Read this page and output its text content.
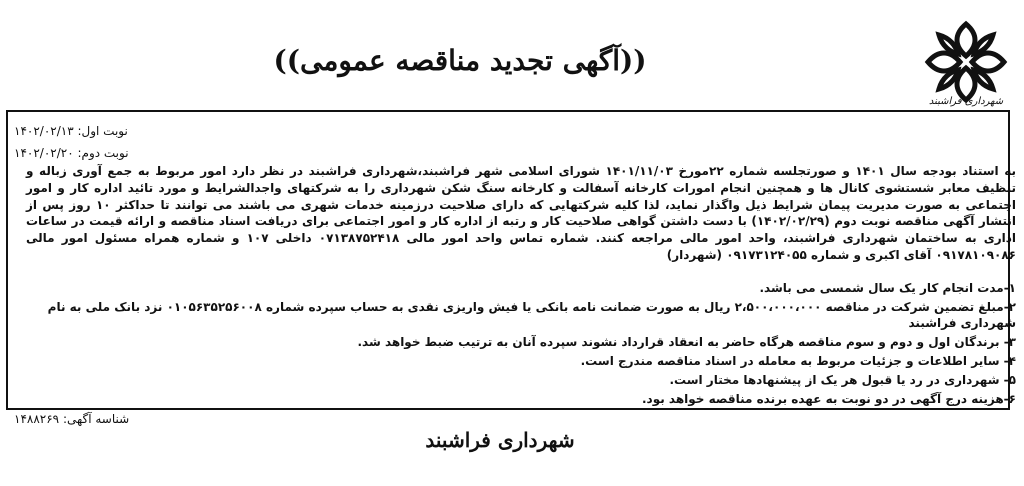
شهرداری فراشبند
((آگهی تجدید مناقصه عمومی))
نوبت اول: ۱۴۰۲/۰۲/۱۳
نوبت دوم: ۱۴۰۲/۰۲/۲۰

به استناد بودجه سال ۱۴۰۱ و صورتجلسه شماره ۲۲مورخ ۱۴۰۱/۱۱/۰۳ شورای اسلامی شهر فراشبند،شهرداری فراشبند در نظر دارد امور مربوط به جمع آوری زباله و تنظیف معابر شستشوی کانال ها و همچنین انجام امورات کارخانه آسفالت و کارخانه سنگ شکن شهرداری را به شرکتهای واجدالشرایط و مورد تائید اداره کار و امور اجتماعی به صورت مدیریت پیمان شرایط ذیل واگذار نماید، لذا کلیه شرکتهایی که دارای صلاحیت درزمینه خدمات شهری می باشند می توانند تا حداکثر ۱۰ روز پس از انتشار آگهی مناقصه نوبت دوم (۱۴۰۲/۰۲/۲۹) با دست داشتن گواهی صلاحیت کار و رتبه از اداره کار و امور اجتماعی برای دریافت اسناد مناقصه و ارائه قیمت در ساعات اداری به ساختمان شهرداری فراشبند، واحد امور مالی مراجعه کنند. شماره تماس واحد امور مالی ۰۷۱۳۸۷۵۲۴۱۸ داخلی ۱۰۷ و شماره همراه مسئول امور مالی ۰۹۱۷۸۱۰۹۰۸۶ آقای اکبری و شماره ۰۹۱۷۳۱۲۴۰۵۵ (شهردار)

۱-مدت انجام کار یک سال شمسی می باشد.
۲-مبلغ تضمین شرکت در مناقصه ۲،۵۰۰،۰۰۰،۰۰۰ ریال به صورت ضمانت نامه بانکی یا فیش واریزی نقدی به حساب سپرده شماره ۰۱۰۵۶۳۵۲۵۶۰۰۸ نزد بانک ملی به نام شهرداری فراشبند
۳- برندگان اول و دوم و سوم مناقصه هرگاه حاضر به انعقاد قرارداد نشوند سپرده آنان به ترتیب ضبط خواهد شد.
۴- سایر اطلاعات و جزئیات مربوط به معامله در اسناد مناقصه مندرج است.
۵- شهرداری در رد یا قبول هر یک از پیشنهادها مختار است.
۶-هزینه درج آگهی در دو نوبت به عهده برنده مناقصه خواهد بود.
شناسه آگهی: ۱۴۸۸۲۶۹
شهرداری فراشبند
